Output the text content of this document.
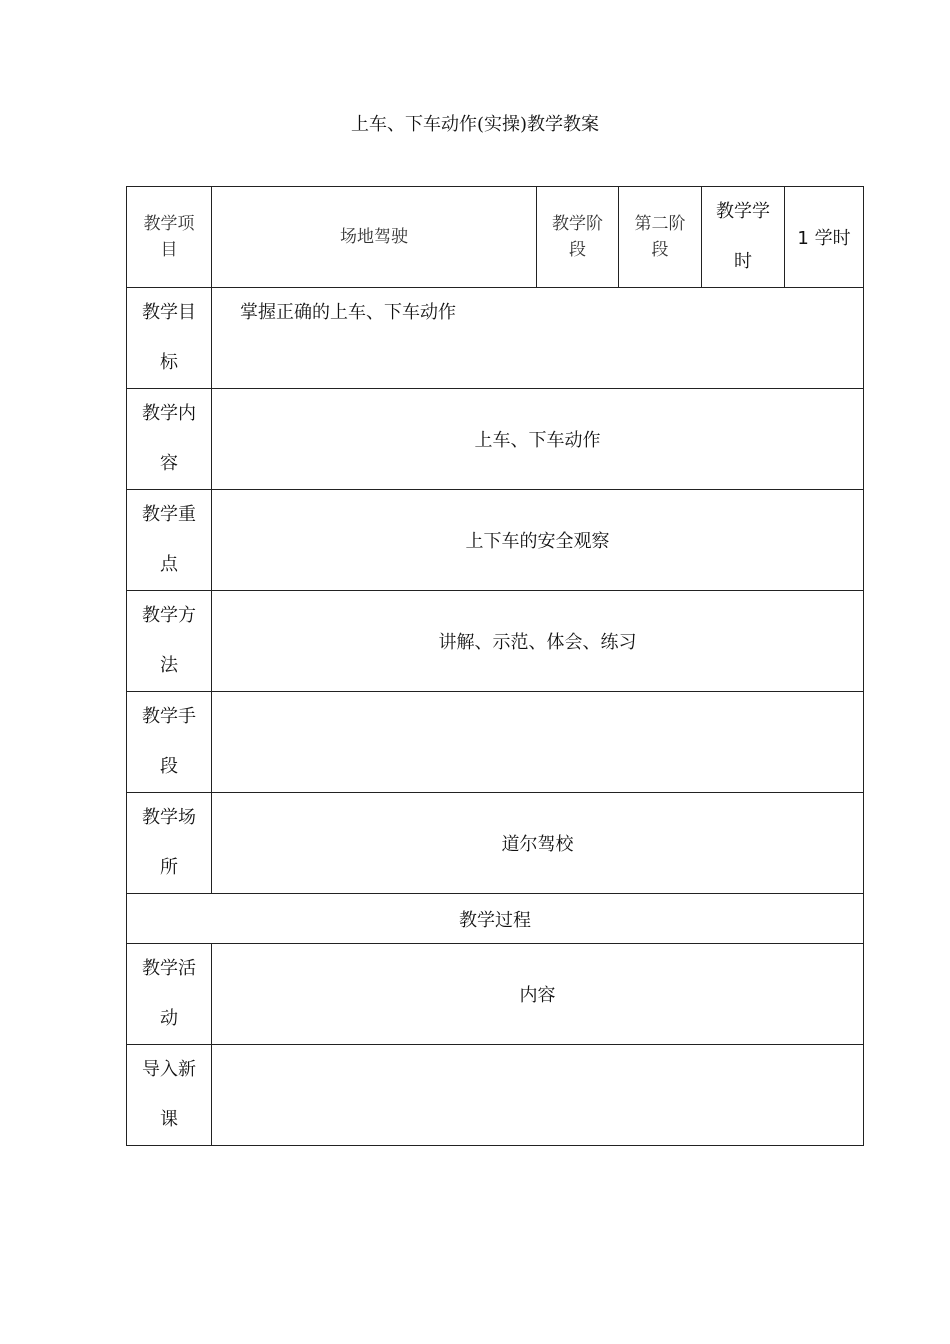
上车、下车动作(实操)教学教案
教学项目	场地驾驶	教学阶段	第二阶段	教学学时	1 学时

教学目标	掌握正确的上车、下车动作				

教学内容	上车、下车动作				

教学重点	上下车的安全观察				

教学方法	讲解、示范、体会、练习				

教学手段					

教学场所	道尔驾校				
教学过程					

教学活动	内容				

导入新课					
